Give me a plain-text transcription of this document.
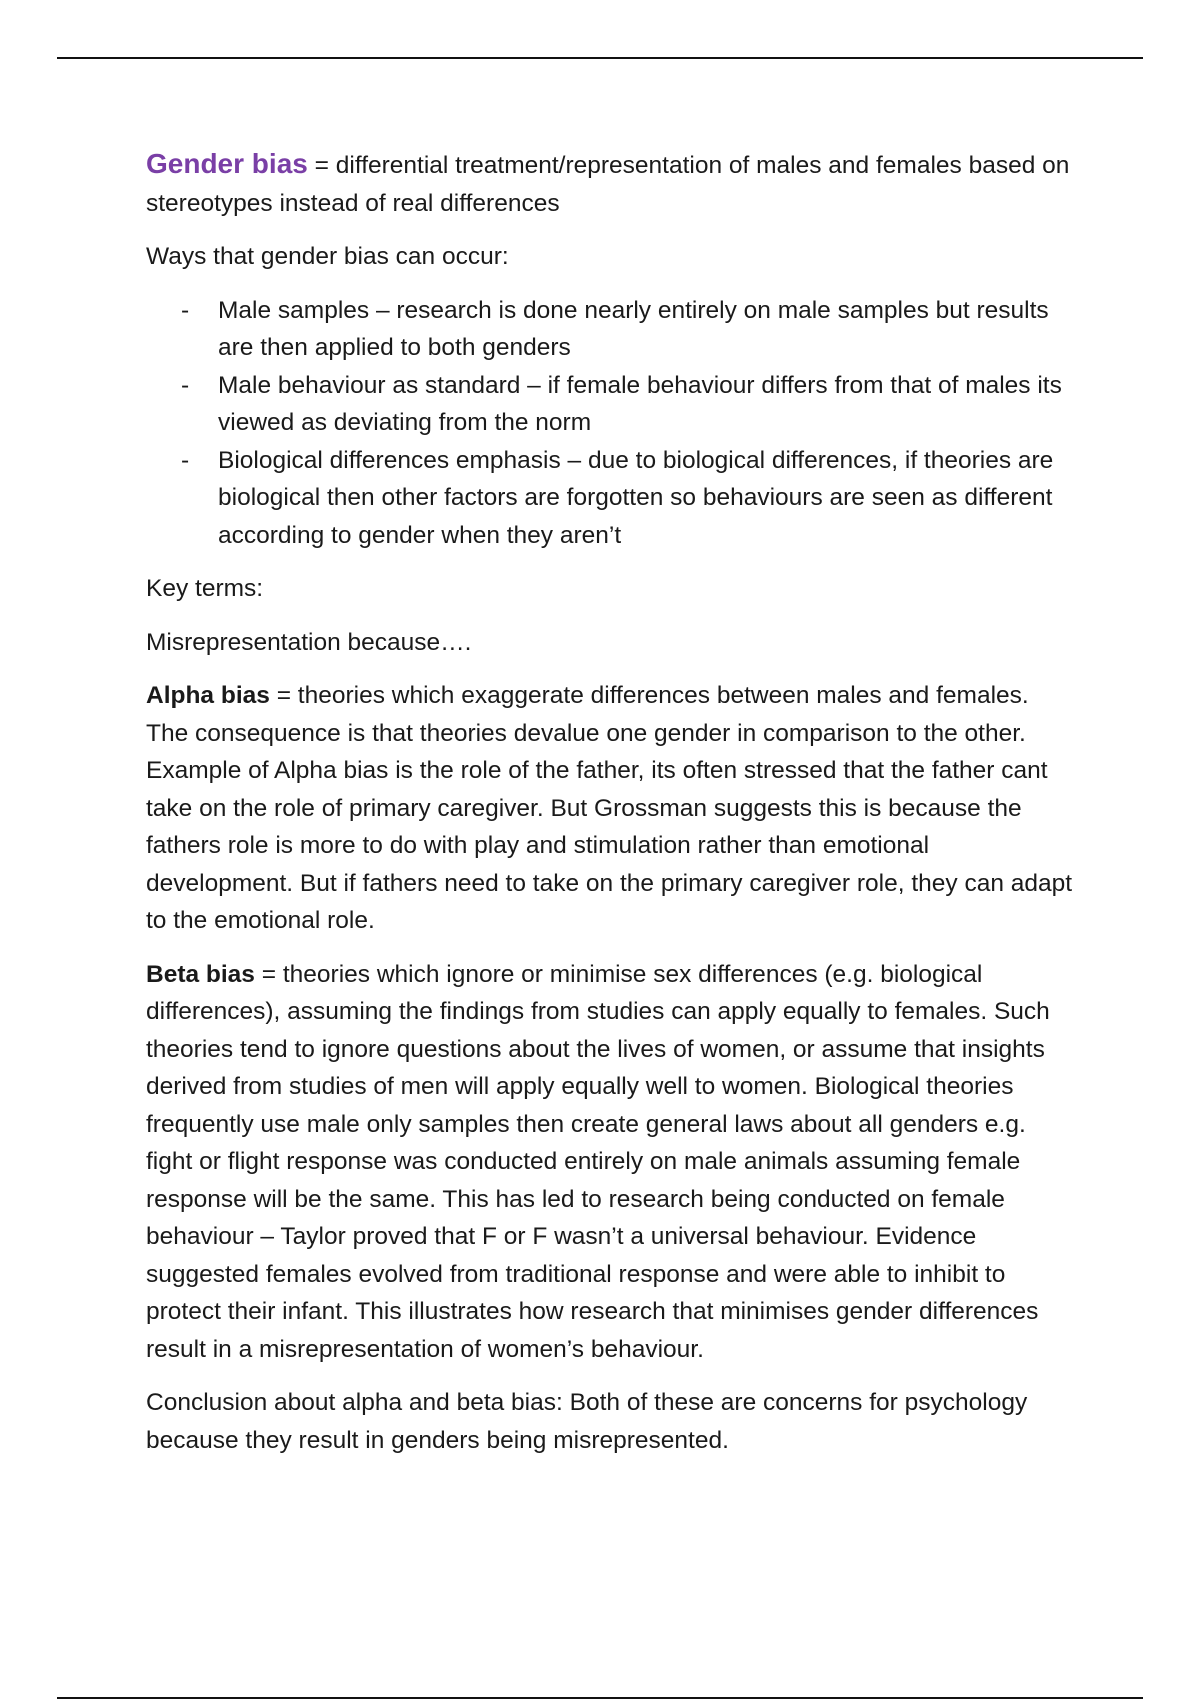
Gender bias = differential treatment/representation of males and females based on stereotypes instead of real differences

Ways that gender bias can occur:

- Male samples – research is done nearly entirely on male samples but results are then applied to both genders
- Male behaviour as standard – if female behaviour differs from that of males its viewed as deviating from the norm
- Biological differences emphasis – due to biological differences, if theories are biological then other factors are forgotten so behaviours are seen as different according to gender when they aren’t

Key terms:

Misrepresentation because….

Alpha bias = theories which exaggerate differences between males and females. The consequence is that theories devalue one gender in comparison to the other. Example of Alpha bias is the role of the father, its often stressed that the father cant take on the role of primary caregiver. But Grossman suggests this is because the fathers role is more to do with play and stimulation rather than emotional development. But if fathers need to take on the primary caregiver role, they can adapt to the emotional role.

Beta bias = theories which ignore or minimise sex differences (e.g. biological differences), assuming the findings from studies can apply equally to females. Such theories tend to ignore questions about the lives of women, or assume that insights derived from studies of men will apply equally well to women. Biological theories frequently use male only samples then create general laws about all genders e.g. fight or flight response was conducted entirely on male animals assuming female response will be the same. This has led to research being conducted on female behaviour – Taylor proved that F or F wasn’t a universal behaviour. Evidence suggested females evolved from traditional response and were able to inhibit to protect their infant. This illustrates how research that minimises gender differences result in a misrepresentation of women’s behaviour.

Conclusion about alpha and beta bias: Both of these are concerns for psychology because they result in genders being misrepresented.
